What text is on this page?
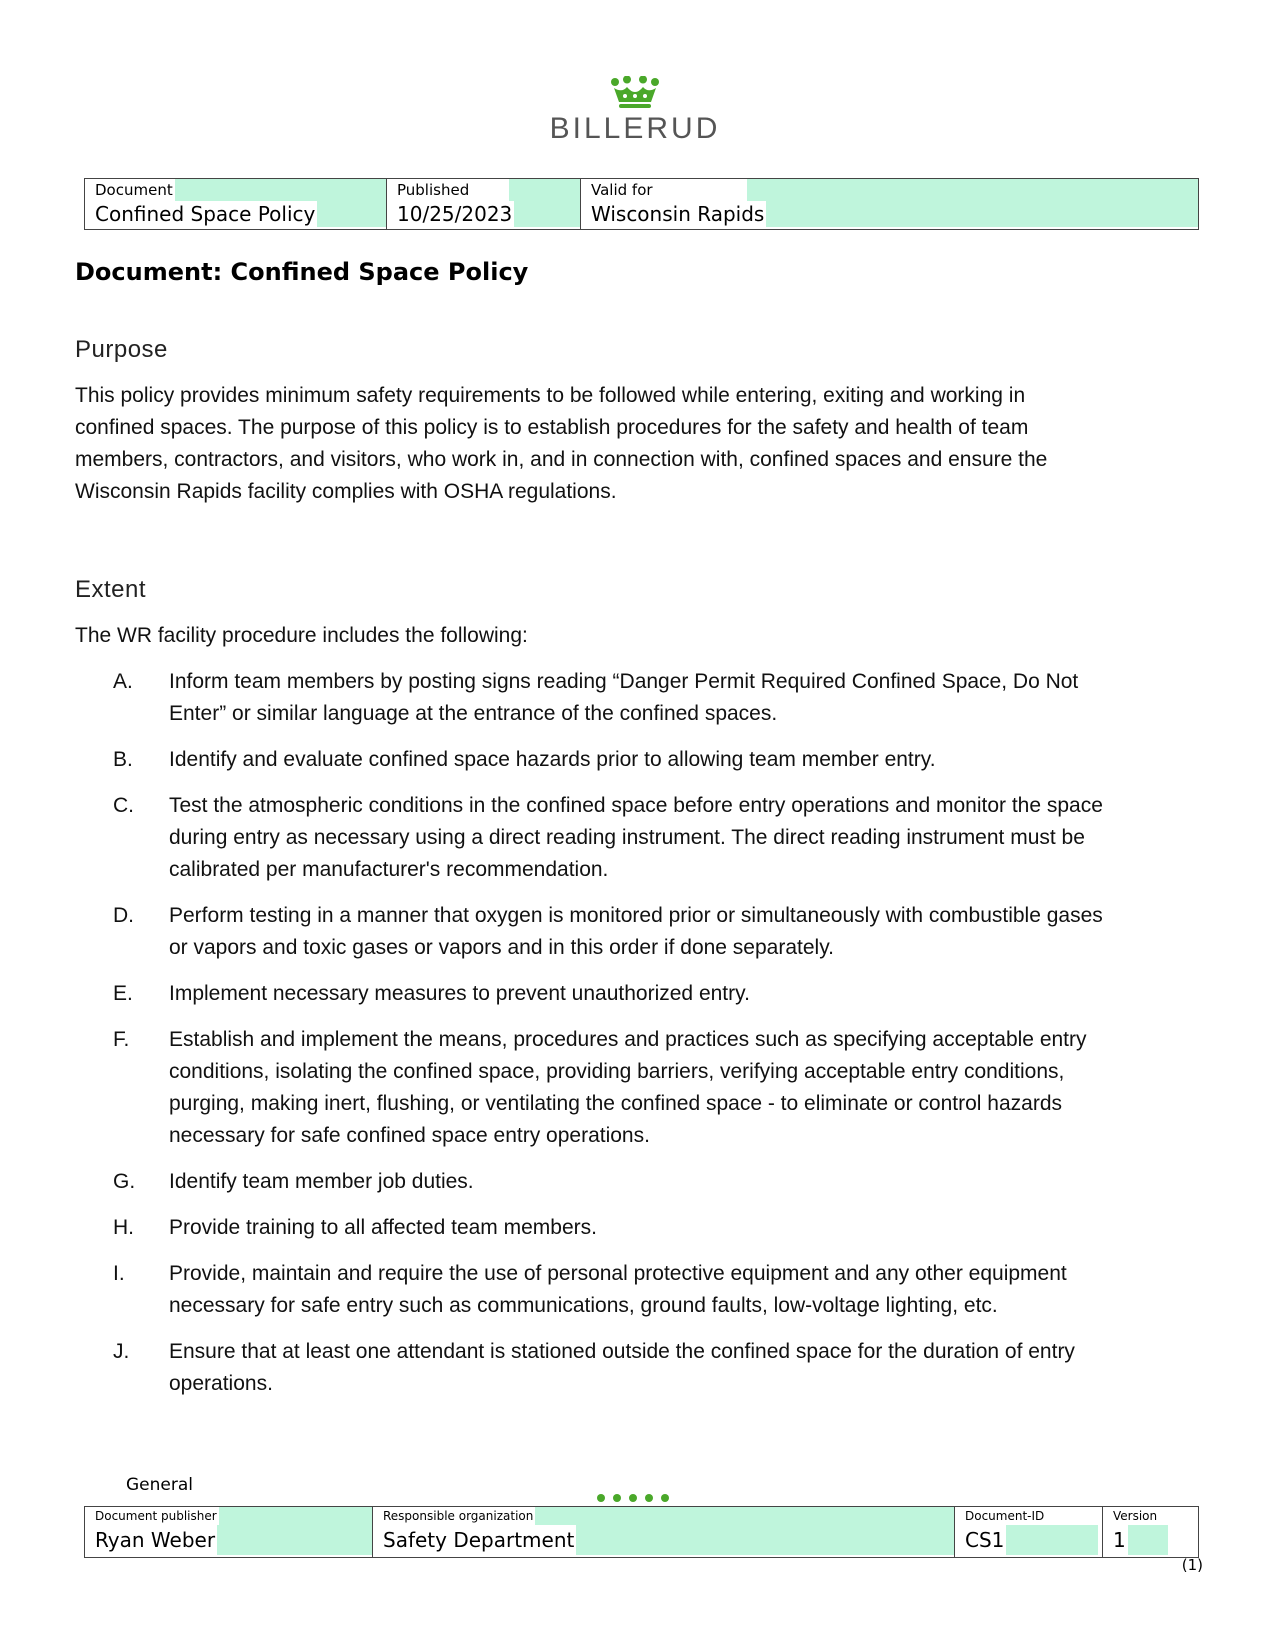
BILLERUD
Document
Confined Space Policy

Published
10/25/2023

Valid for
Wisconsin Rapids
Document: Confined Space Policy
Purpose
This policy provides minimum safety requirements to be followed while entering, exiting and working in
confined spaces. The purpose of this policy is to establish procedures for the safety and health of team
members, contractors, and visitors, who work in, and in connection with, confined spaces and ensure the
Wisconsin Rapids facility complies with OSHA regulations.
Extent
The WR facility procedure includes the following:
A.	Inform team members by posting signs reading “Danger Permit Required Confined Space, Do Not
Enter” or similar language at the entrance of the confined spaces.
B.	Identify and evaluate confined space hazards prior to allowing team member entry.
C.	Test the atmospheric conditions in the confined space before entry operations and monitor the space
during entry as necessary using a direct reading instrument. The direct reading instrument must be
calibrated per manufacturer's recommendation.
D.	Perform testing in a manner that oxygen is monitored prior or simultaneously with combustible gases
or vapors and toxic gases or vapors and in this order if done separately.
E.	Implement necessary measures to prevent unauthorized entry.
F.	Establish and implement the means, procedures and practices such as specifying acceptable entry
conditions, isolating the confined space, providing barriers, verifying acceptable entry conditions,
purging, making inert, flushing, or ventilating the confined space - to eliminate or control hazards
necessary for safe confined space entry operations.
G.	Identify team member job duties.
H.	Provide training to all affected team members.
I.	Provide, maintain and require the use of personal protective equipment and any other equipment
necessary for safe entry such as communications, ground faults, low-voltage lighting, etc.
J.	Ensure that at least one attendant is stationed outside the confined space for the duration of entry
operations.
General
Document publisher
Ryan Weber

Responsible organization
Safety Department

Document-ID
CS1

Version
1
(1)
